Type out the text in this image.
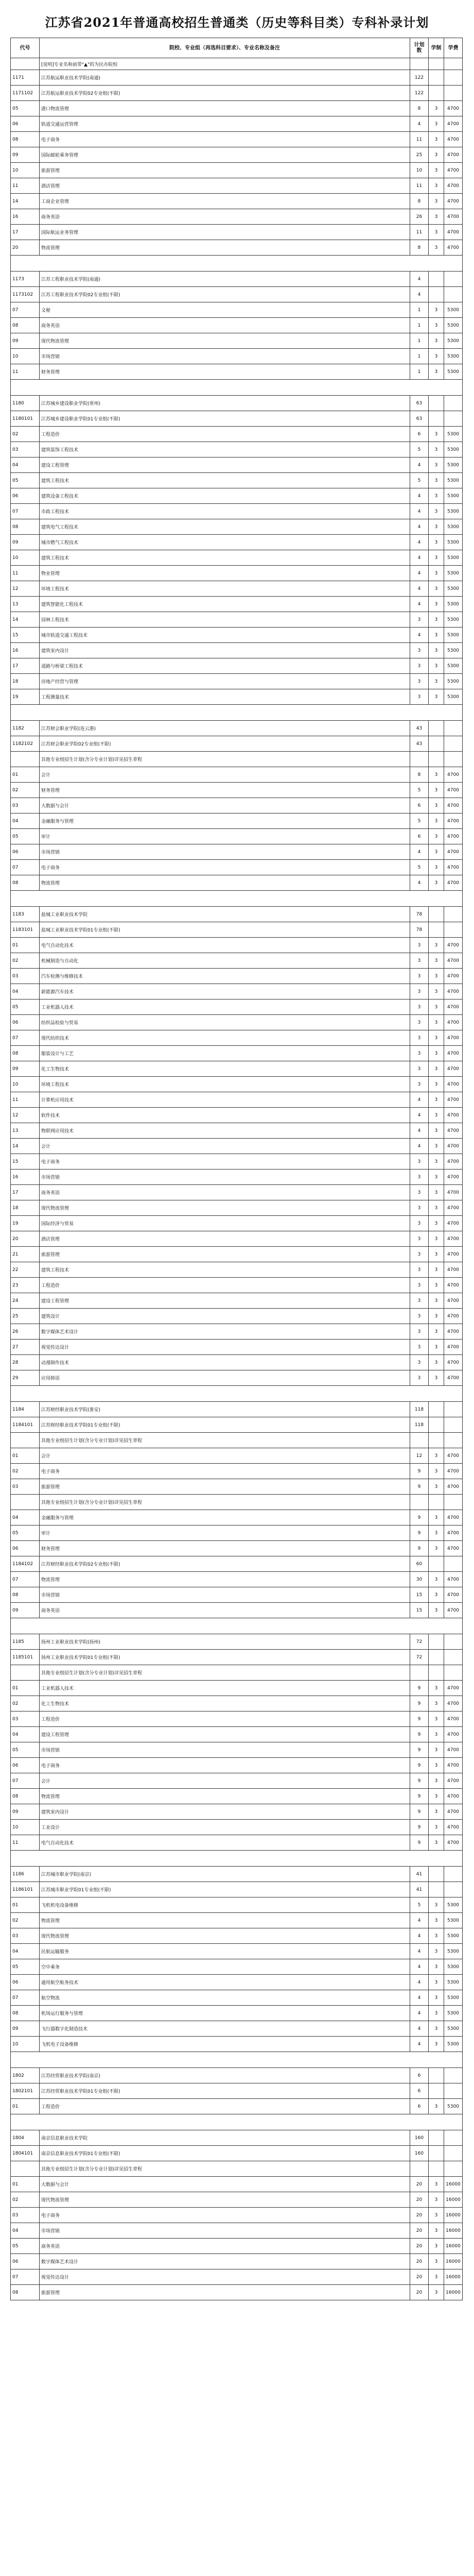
江苏省2021年普通高校招生普通类（历史等科目类）专科补录计划
代号	院校、专业组（再选科目要求）、专业名称及备注	计划数	学制	学费
	[说明]专业名称前带"▲"的为民办院校			
1171	江苏航运职业技术学院(南通)	122		
1171102	江苏航运职业技术学院02专业组(不限)	122		
05	港口物流管理	8	3	4700
06	轨道交通运营管理	4	3	4700
08	电子商务	11	3	4700
09	国际邮轮乘务管理	25	3	4700
10	旅游管理	10	3	4700
11	酒店管理	11	3	4700
14	工商企业管理	8	3	4700
16	商务英语	26	3	4700
17	国际航运业务管理	11	3	4700
20	物流管理	8	3	4700

1173	江苏工程职业技术学院(南通)	4		
1173102	江苏工程职业技术学院02专业组(不限)	4		
07	文秘	1	3	5300
08	商务英语	1	3	5300
09	现代物流管理	1	3	5300
10	市场营销	1	3	5300
11	财务管理	1	3	5300

1180	江苏城乡建设职业学院(常州)	63		
1180101	江苏城乡建设职业学院01专业组(不限)	63		
02	工程造价	6	3	5300
03	建筑装饰工程技术	5	3	5300
04	建设工程管理	4	3	5300
05	建筑工程技术	5	3	5300
06	建筑设备工程技术	4	3	5300
07	市政工程技术	4	3	5300
08	建筑电气工程技术	4	3	5300
09	城市燃气工程技术	4	3	5300
10	建筑工程技术	4	3	5300
11	物业管理	4	3	5300
12	环境工程技术	4	3	5300
13	建筑智能化工程技术	4	3	5300
14	园林工程技术	3	3	5300
15	城市轨道交通工程技术	4	3	5300
16	建筑室内设计	3	3	5300
17	道路与桥梁工程技术	3	3	5300
18	房地产经营与管理	3	3	5300
19	工程测量技术	3	3	5300

1182	江苏财会职业学院(连云港)	43		
1182102	江苏财会职业学院02专业组(不限)	43		
	其他专业组招生计划(含分专业计划)详见招生章程			
01	会计	8	3	4700
02	财务管理	5	3	4700
03	大数据与会计	6	3	4700
04	金融服务与管理	5	3	4700
05	审计	6	3	4700
06	市场营销	4	3	4700
07	电子商务	5	3	4700
08	物流管理	4	3	4700

1183	盐城工业职业技术学院	78		
1183101	盐城工业职业技术学院01专业组(不限)	78		
01	电气自动化技术	3	3	4700
02	机械制造与自动化	3	3	4700
03	汽车检测与维修技术	3	3	4700
04	新能源汽车技术	3	3	4700
05	工业机器人技术	3	3	4700
06	纺织品检验与贸易	3	3	4700
07	现代纺织技术	3	3	4700
08	服装设计与工艺	3	3	4700
09	化工生物技术	3	3	4700
10	环境工程技术	3	3	4700
11	计算机应用技术	4	3	4700
12	软件技术	4	3	4700
13	物联网应用技术	4	3	4700
14	会计	4	3	4700
15	电子商务	3	3	4700
16	市场营销	3	3	4700
17	商务英语	3	3	4700
18	现代物流管理	3	3	4700
19	国际经济与贸易	3	3	4700
20	酒店管理	3	3	4700
21	旅游管理	3	3	4700
22	建筑工程技术	3	3	4700
23	工程造价	3	3	4700
24	建设工程管理	3	3	4700
25	建筑设计	3	3	4700
26	数字媒体艺术设计	3	3	4700
27	视觉传达设计	3	3	4700
28	动漫制作技术	3	3	4700
29	应用韩语	3	3	4700

1184	江苏财经职业技术学院(淮安)	118		
1184101	江苏财经职业技术学院01专业组(不限)	118		
	其他专业组招生计划(含分专业计划)详见招生章程			
01	会计	12	3	4700
02	电子商务	9	3	4700
03	旅游管理	9	3	4700
	其他专业组招生计划(含分专业计划)详见招生章程			
04	金融服务与管理	9	3	4700
05	审计	9	3	4700
06	财务管理	9	3	4700
1184102	江苏财经职业技术学院02专业组(不限)	60		
07	物流管理	30	3	4700
08	市场营销	15	3	4700
09	商务英语	15	3	4700

1185	扬州工业职业技术学院(扬州)	72		
1185101	扬州工业职业技术学院01专业组(不限)	72		
	其他专业组招生计划(含分专业计划)详见招生章程			
01	工业机器人技术	9	3	4700
02	化工生物技术	9	3	4700
03	工程造价	9	3	4700
04	建设工程管理	9	3	4700
05	市场营销	9	3	4700
06	电子商务	9	3	4700
07	会计	9	3	4700
08	物流管理	9	3	4700
09	建筑室内设计	9	3	4700
10	工业设计	9	3	4700
11	电气自动化技术	9	3	4700

1186	江苏城市职业学院(南京)	41		
1186101	江苏城市职业学院01专业组(不限)	41		
01	飞机机电设备维修	5	3	5300
02	物流管理	4	3	5300
03	现代物流管理	4	3	5300
04	民航运输服务	4	3	5300
05	空中乘务	4	3	5300
06	通用航空航务技术	4	3	5300
07	航空物流	4	3	5300
08	机场运行服务与管理	4	3	5300
09	飞行器数字化制造技术	4	3	5300
10	飞机电子设备维修	4	3	5300

1802	江苏经贸职业技术学院(南京)	6		
1802101	江苏经贸职业技术学院01专业组(不限)	6		
01	工程造价	6	3	5300

1804	南京信息职业技术学院	160		
1804101	南京信息职业技术学院01专业组(不限)	160		
	其他专业组招生计划(含分专业计划)详见招生章程			
01	大数据与会计	20	3	16000
02	现代物流管理	20	3	16000
03	电子商务	20	3	16000
04	市场营销	20	3	16000
05	商务英语	20	3	16000
06	数字媒体艺术设计	20	3	16000
07	视觉传达设计	20	3	16000
08	旅游管理	20	3	16000
